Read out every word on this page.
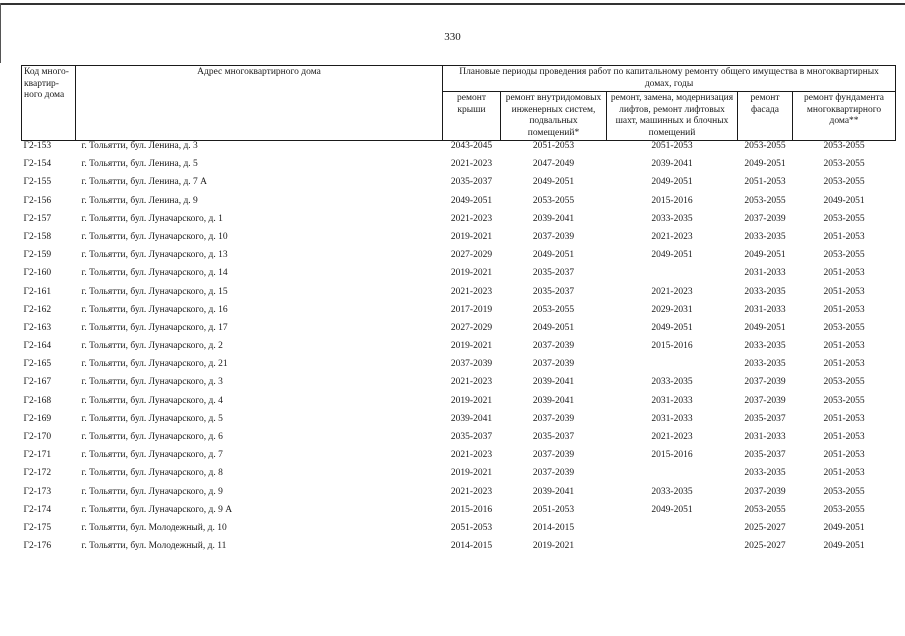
330
Код много-квартир-ного дома	Адрес многоквартирного дома	Плановые периоды проведения работ по капитальному ремонту общего имущества в многоквартирных домах, годы				
		ремонт крыши	ремонт внутридомовых инженерных систем, подвальных помещений*	ремонт, замена, модернизация лифтов, ремонт лифтовых шахт, машинных и блочных помещений	ремонт фасада	ремонт фундамента многоквартирного дома**
Г2-153	г. Тольятти, бул. Ленина, д. 3	2043-2045	2051-2053	2051-2053	2053-2055	2053-2055
Г2-154	г. Тольятти, бул. Ленина, д. 5	2021-2023	2047-2049	2039-2041	2049-2051	2053-2055
Г2-155	г. Тольятти, бул. Ленина, д. 7 А	2035-2037	2049-2051	2049-2051	2051-2053	2053-2055
Г2-156	г. Тольятти, бул. Ленина, д. 9	2049-2051	2053-2055	2015-2016	2053-2055	2049-2051
Г2-157	г. Тольятти, бул. Луначарского, д. 1	2021-2023	2039-2041	2033-2035	2037-2039	2053-2055
Г2-158	г. Тольятти, бул. Луначарского, д. 10	2019-2021	2037-2039	2021-2023	2033-2035	2051-2053
Г2-159	г. Тольятти, бул. Луначарского, д. 13	2027-2029	2049-2051	2049-2051	2049-2051	2053-2055
Г2-160	г. Тольятти, бул. Луначарского, д. 14	2019-2021	2035-2037		2031-2033	2051-2053
Г2-161	г. Тольятти, бул. Луначарского, д. 15	2021-2023	2035-2037	2021-2023	2033-2035	2051-2053
Г2-162	г. Тольятти, бул. Луначарского, д. 16	2017-2019	2053-2055	2029-2031	2031-2033	2051-2053
Г2-163	г. Тольятти, бул. Луначарского, д. 17	2027-2029	2049-2051	2049-2051	2049-2051	2053-2055
Г2-164	г. Тольятти, бул. Луначарского, д. 2	2019-2021	2037-2039	2015-2016	2033-2035	2051-2053
Г2-165	г. Тольятти, бул. Луначарского, д. 21	2037-2039	2037-2039		2033-2035	2051-2053
Г2-167	г. Тольятти, бул. Луначарского, д. 3	2021-2023	2039-2041	2033-2035	2037-2039	2053-2055
Г2-168	г. Тольятти, бул. Луначарского, д. 4	2019-2021	2039-2041	2031-2033	2037-2039	2053-2055
Г2-169	г. Тольятти, бул. Луначарского, д. 5	2039-2041	2037-2039	2031-2033	2035-2037	2051-2053
Г2-170	г. Тольятти, бул. Луначарского, д. 6	2035-2037	2035-2037	2021-2023	2031-2033	2051-2053
Г2-171	г. Тольятти, бул. Луначарского, д. 7	2021-2023	2037-2039	2015-2016	2035-2037	2051-2053
Г2-172	г. Тольятти, бул. Луначарского, д. 8	2019-2021	2037-2039		2033-2035	2051-2053
Г2-173	г. Тольятти, бул. Луначарского, д. 9	2021-2023	2039-2041	2033-2035	2037-2039	2053-2055
Г2-174	г. Тольятти, бул. Луначарского, д. 9 А	2015-2016	2051-2053	2049-2051	2053-2055	2053-2055
Г2-175	г. Тольятти, бул. Молодежный, д. 10	2051-2053	2014-2015		2025-2027	2049-2051
Г2-176	г. Тольятти, бул. Молодежный, д. 11	2014-2015	2019-2021		2025-2027	2049-2051
